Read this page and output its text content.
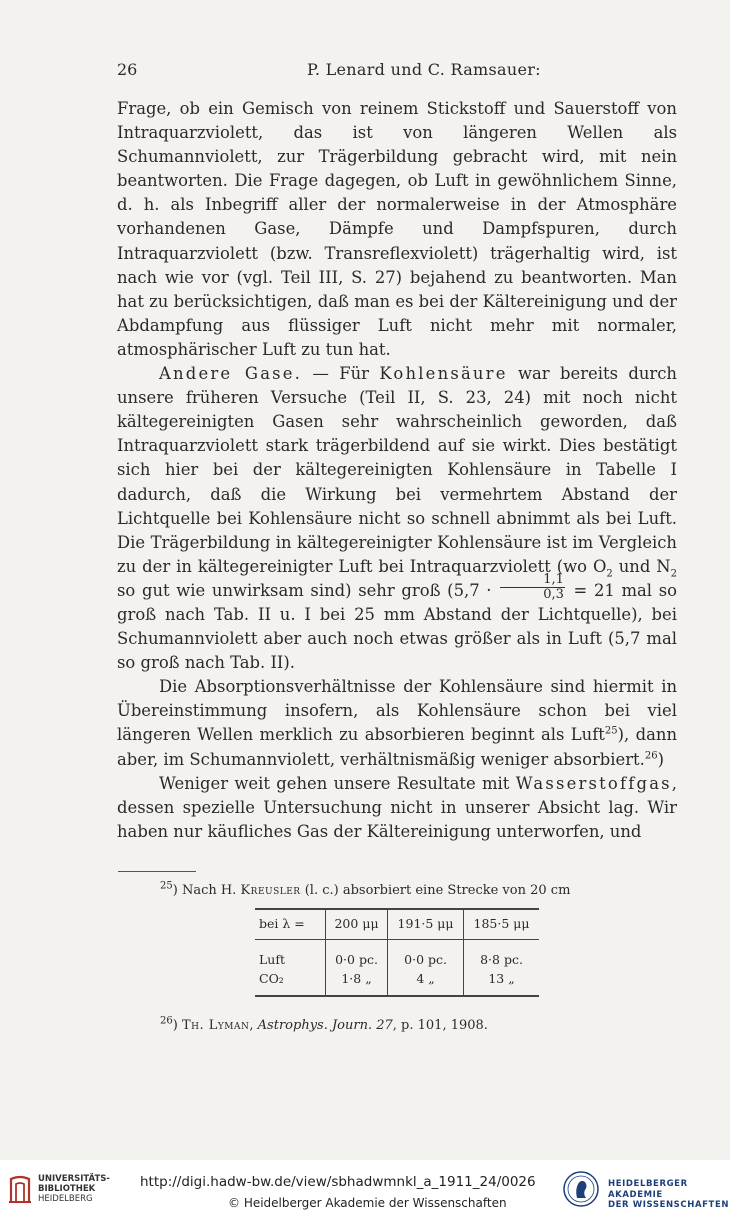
26	P. Lenard und C. Ramsauer:

Frage, ob ein Gemisch von reinem Stickstoff und Sauerstoff von Intraquarzviolett, das ist von längeren Wellen als Schumannviolett, zur Trägerbildung gebracht wird, mit nein beantworten. Die Frage dagegen, ob Luft in gewöhnlichem Sinne, d. h. als Inbegriff aller der normalerweise in der Atmosphäre vorhandenen Gase, Dämpfe und Dampfspuren, durch Intraquarzviolett (bzw. Transreflexviolett) trägerhaltig wird, ist nach wie vor (vgl. Teil III, S. 27) bejahend zu beantworten. Man hat zu berücksichtigen, daß man es bei der Kältereinigung und der Abdampfung aus flüssiger Luft nicht mehr mit normaler, atmosphärischer Luft zu tun hat.

Andere Gase. — Für Kohlensäure war bereits durch unsere früheren Versuche (Teil II, S. 23, 24) mit noch nicht kältegereinigten Gasen sehr wahrscheinlich geworden, daß Intraquarzviolett stark trägerbildend auf sie wirkt. Dies bestätigt sich hier bei der kältegereinigten Kohlensäure in Tabelle I dadurch, daß die Wirkung bei vermehrtem Abstand der Lichtquelle bei Kohlensäure nicht so schnell abnimmt als bei Luft. Die Trägerbildung in kältegereinigter Kohlensäure ist im Vergleich zu der in kältegereinigter Luft bei Intraquarzviolett (wo $O_2$ und $N_2$ so gut wie unwirksam sind) sehr groß ($5,7 \cdot \frac{1,1}{0,3} = 21$ mal so groß nach Tab. II u. I bei 25 mm Abstand der Lichtquelle), bei Schumannviolett aber auch noch etwas größer als in Luft (5,7 mal so groß nach Tab. II).

Die Absorptionsverhältnisse der Kohlensäure sind hiermit in Übereinstimmung insofern, als Kohlensäure schon bei viel längeren Wellen merklich zu absorbieren beginnt als Luft$^{25}$), dann aber, im Schumannviolett, verhältnismäßig weniger absorbiert.$^{26}$)

Weniger weit gehen unsere Resultate mit Wasserstoffgas, dessen spezielle Untersuchung nicht in unserer Absicht lag. Wir haben nur käufliches Gas der Kältereinigung unterworfen, und

$^{25}$) Nach H. Kreusler (l. c.) absorbiert eine Strecke von 20 cm
bei λ =	200 μμ	191·5 μμ	185·5 μμ
Luft	0·0 pc.	0·0 pc.	8·8 pc.
CO₂	1·8 „	4 „	13 „
$^{26}$) Th. Lyman, Astrophys. Journ. 27, p. 101, 1908.
UNIVERSITÄTS-
BIBLIOTHEK
HEIDELBERG
http://digi.hadw-bw.de/view/sbhadwmnkl_a_1911_24/0026
© Heidelberger Akademie der Wissenschaften
HEIDELBERGER AKADEMIE
DER WISSENSCHAFTEN
